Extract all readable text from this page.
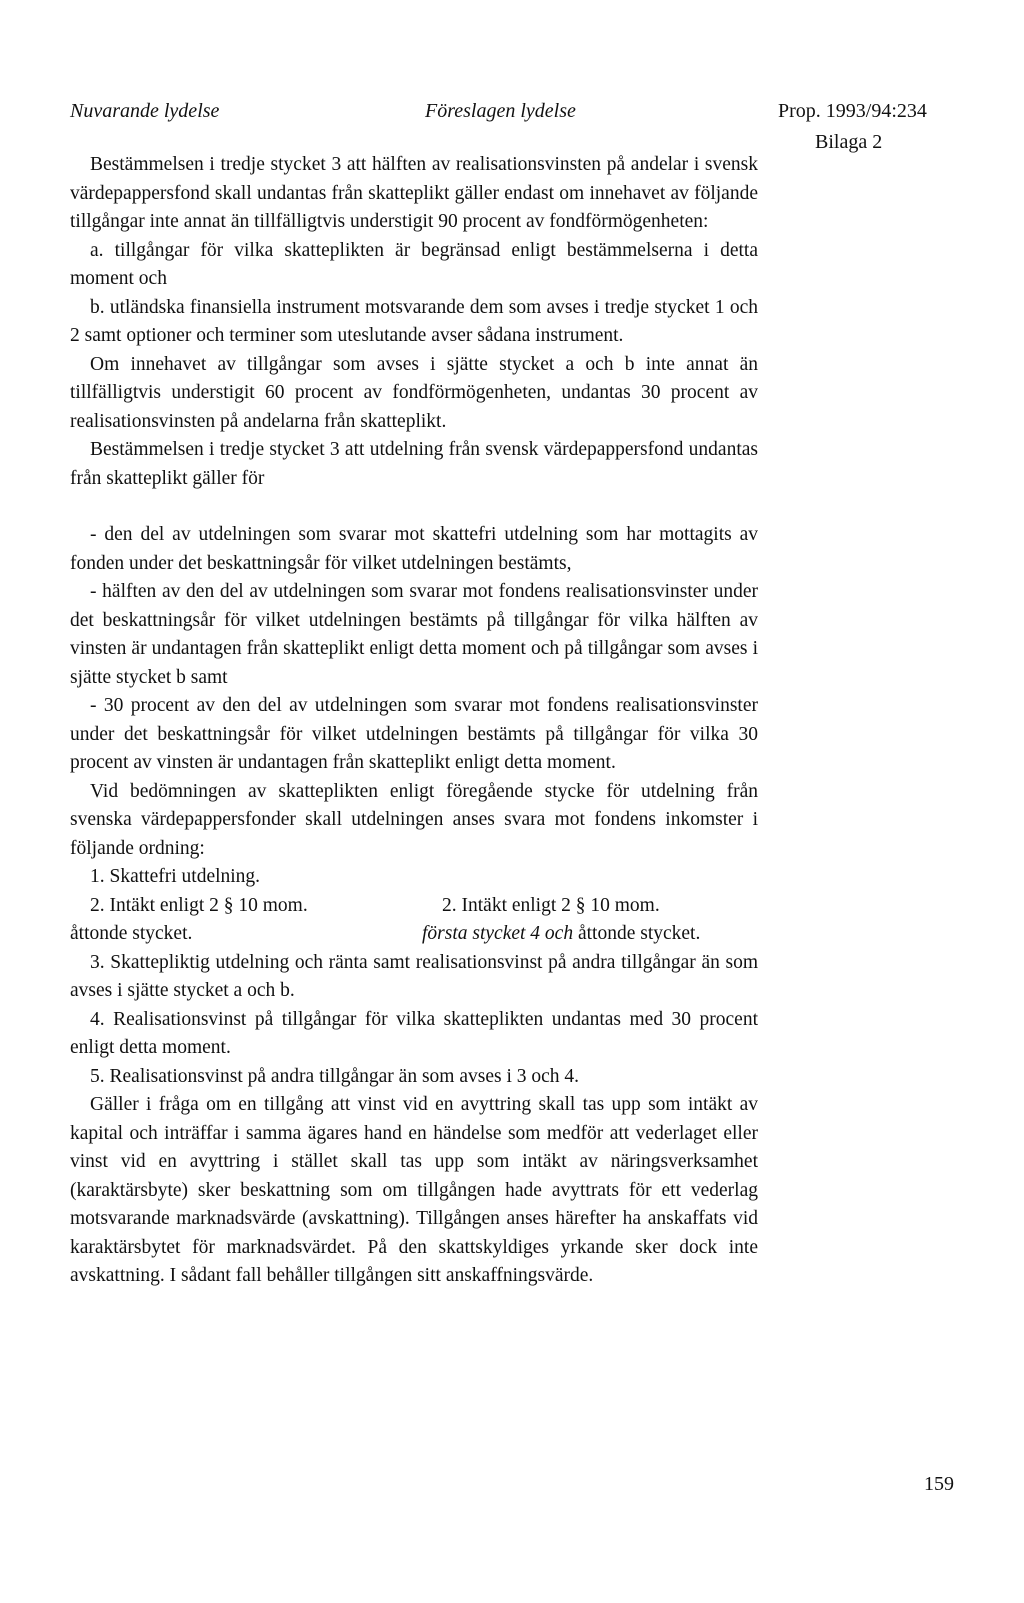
Nuvarande lydelse	Föreslagen lydelse	Prop. 1993/94:234
Bilaga 2

Bestämmelsen i tredje stycket 3 att hälften av realisationsvinsten på andelar i svensk värdepappersfond skall undantas från skatteplikt gäller endast om innehavet av följande tillgångar inte annat än tillfälligtvis understigit 90 procent av fondförmögenheten:

a. tillgångar för vilka skatteplikten är begränsad enligt bestämmelserna i detta moment och

b. utländska finansiella instrument motsvarande dem som avses i tredje stycket 1 och 2 samt optioner och terminer som uteslutande avser sådana instrument.

Om innehavet av tillgångar som avses i sjätte stycket a och b inte annat än tillfälligtvis understigit 60 procent av fondförmögenheten, undantas 30 procent av realisationsvinsten på andelarna från skatteplikt.

Bestämmelsen i tredje stycket 3 att utdelning från svensk värdepappersfond undantas från skatteplikt gäller för

- den del av utdelningen som svarar mot skattefri utdelning som har mottagits av fonden under det beskattningsår för vilket utdelningen bestämts,

- hälften av den del av utdelningen som svarar mot fondens realisationsvinster under det beskattningsår för vilket utdelningen bestämts på tillgångar för vilka hälften av vinsten är undantagen från skatteplikt enligt detta moment och på tillgångar som avses i sjätte stycket b samt

- 30 procent av den del av utdelningen som svarar mot fondens realisationsvinster under det beskattningsår för vilket utdelningen bestämts på tillgångar för vilka 30 procent av vinsten är undantagen från skatteplikt enligt detta moment.

Vid bedömningen av skatteplikten enligt föregående stycke för utdelning från svenska värdepappersfonder skall utdelningen anses svara mot fondens inkomster i följande ordning:

1. Skattefri utdelning.

2. Intäkt enligt 2 § 10 mom.

åttonde stycket.

2. Intäkt enligt 2 § 10 mom.

första stycket 4 och åttonde stycket.

3. Skattepliktig utdelning och ränta samt realisationsvinst på andra tillgångar än som avses i sjätte stycket a och b.

4. Realisationsvinst på tillgångar för vilka skatteplikten undantas med 30 procent enligt detta moment.

5. Realisationsvinst på andra tillgångar än som avses i 3 och 4.

Gäller i fråga om en tillgång att vinst vid en avyttring skall tas upp som intäkt av kapital och inträffar i samma ägares hand en händelse som medför att vederlaget eller vinst vid en avyttring i stället skall tas upp som intäkt av näringsverksamhet (karaktärsbyte) sker beskattning som om tillgången hade avyttrats för ett vederlag motsvarande marknadsvärde (avskattning). Tillgången anses härefter ha anskaffats vid karaktärsbytet för marknadsvärdet. På den skattskyldiges yrkande sker dock inte avskattning. I sådant fall behåller tillgången sitt anskaffningsvärde.

159
